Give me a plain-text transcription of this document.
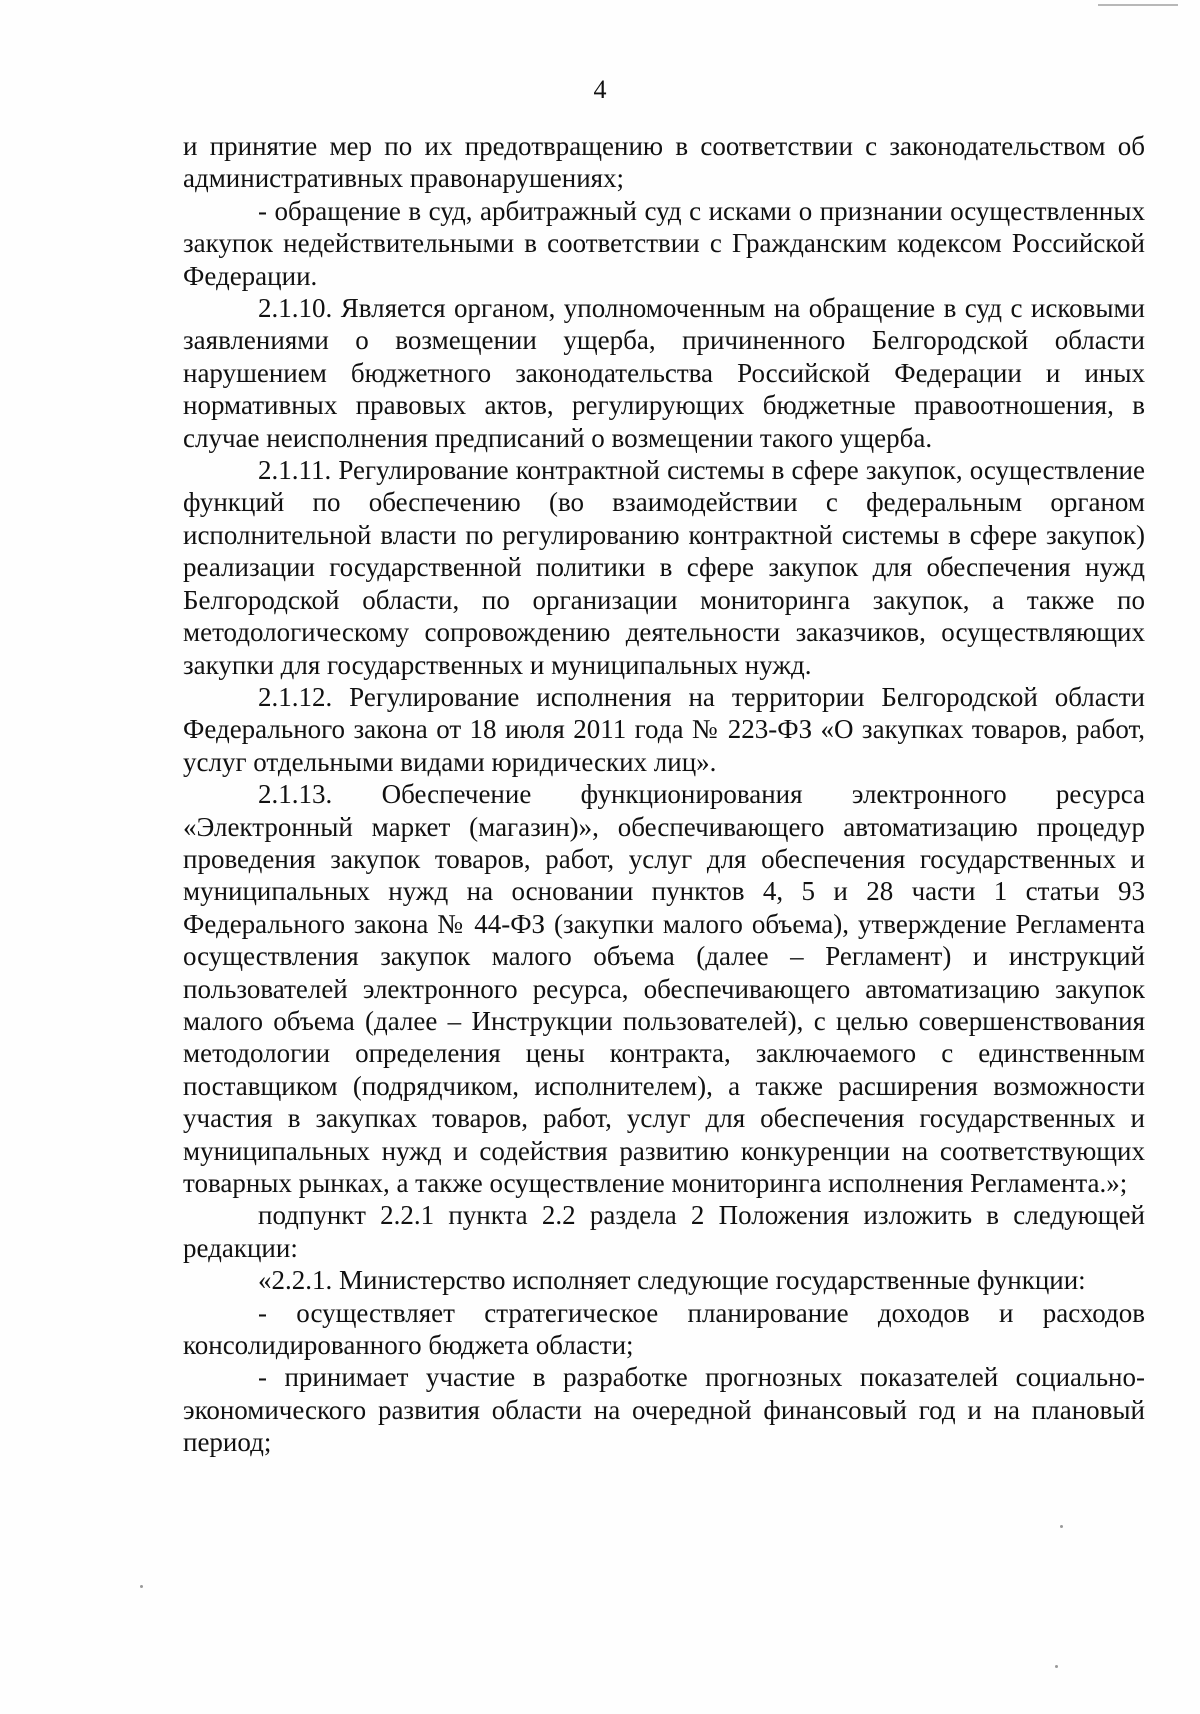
4

и принятие мер по их предотвращению в соответствии с законодательством об административных правонарушениях;

- обращение в суд, арбитражный суд с исками о признании осуществленных закупок недействительными в соответствии с Гражданским кодексом Российской Федерации.

2.1.10. Является органом, уполномоченным на обращение в суд с исковыми заявлениями о возмещении ущерба, причиненного Белгородской области нарушением бюджетного законодательства Российской Федерации и иных нормативных правовых актов, регулирующих бюджетные правоотношения, в случае неисполнения предписаний о возмещении такого ущерба.

2.1.11. Регулирование контрактной системы в сфере закупок, осуществление функций по обеспечению (во взаимодействии с федеральным органом исполнительной власти по регулированию контрактной системы в сфере закупок) реализации государственной политики в сфере закупок для обеспечения нужд Белгородской области, по организации мониторинга закупок, а также по методологическому сопровождению деятельности заказчиков, осуществляющих закупки для государственных и муниципальных нужд.

2.1.12. Регулирование исполнения на территории Белгородской области Федерального закона от 18 июля 2011 года № 223-ФЗ «О закупках товаров, работ, услуг отдельными видами юридических лиц».

2.1.13. Обеспечение функционирования электронного ресурса «Электронный маркет (магазин)», обеспечивающего автоматизацию процедур проведения закупок товаров, работ, услуг для обеспечения государственных и муниципальных нужд на основании пунктов 4, 5 и 28 части 1 статьи 93 Федерального закона № 44-ФЗ (закупки малого объема), утверждение Регламента осуществления закупок малого объема (далее – Регламент) и инструкций пользователей электронного ресурса, обеспечивающего автоматизацию закупок малого объема (далее – Инструкции пользователей), с целью совершенствования методологии определения цены контракта, заключаемого с единственным поставщиком (подрядчиком, исполнителем), а также расширения возможности участия в закупках товаров, работ, услуг для обеспечения государственных и муниципальных нужд и содействия развитию конкуренции на соответствующих товарных рынках, а также осуществление мониторинга исполнения Регламента.»;

подпункт 2.2.1 пункта 2.2 раздела 2 Положения изложить в следующей редакции:

«2.2.1. Министерство исполняет следующие государственные функции:

- осуществляет стратегическое планирование доходов и расходов консолидированного бюджета области;

- принимает участие в разработке прогнозных показателей социально-экономического развития области на очередной финансовый год и на плановый период;
